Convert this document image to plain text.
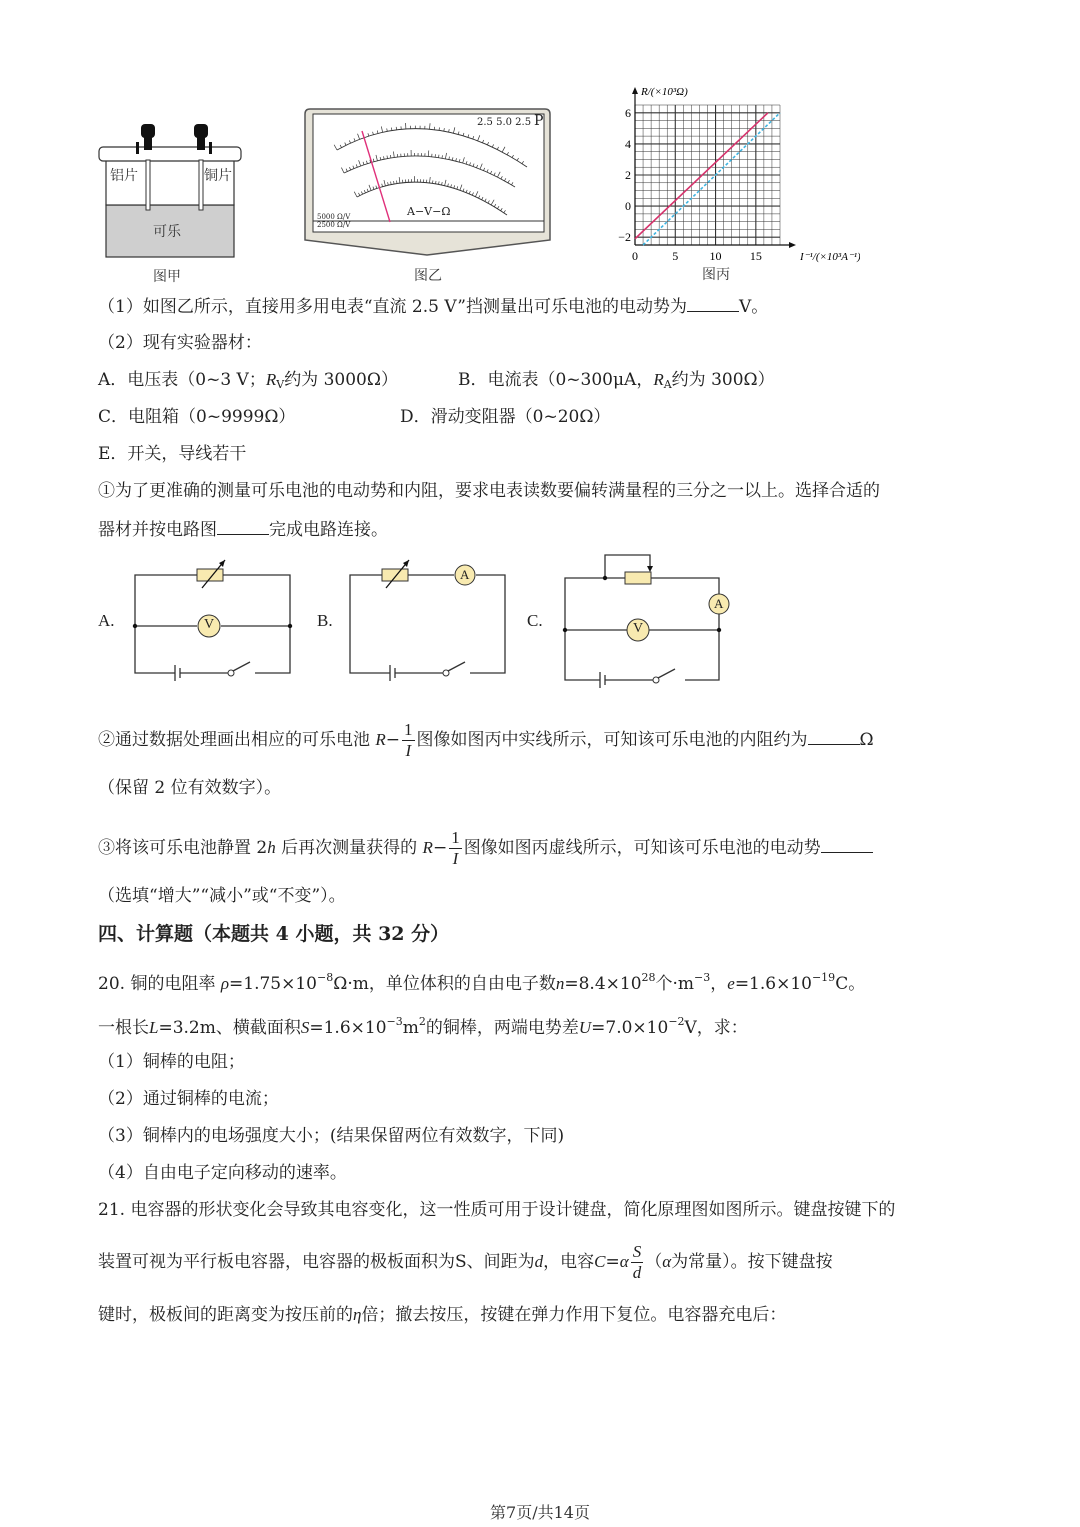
铝片	铜片
可乐
图甲
2.5 5.0 2.5 P
A−V−Ω
5000 Ω/V
2500 Ω/V
图乙
0	5	10 15
−2
0
2
4
6
I⁻¹/(×10³A⁻¹)
R/(×10³Ω)
图丙
（1）如图乙所示，直接用多用电表“直流 2.5 V”挡测量出可乐电池的电动势为	V。
（2）现有实验器材：
A．电压表（0~3 V；$R_V$约为 3000Ω）	B．电流表（0~300μA，$R_A$约为 300Ω）
C．电阻箱（0~9999Ω）	D．滑动变阻器（0~20Ω）
E．开关，导线若干
①为了更准确的测量可乐电池的电动势和内阻，要求电表读数要偏转满量程的三分之一以上。选择合适的
器材并按电路图	完成电路连接。
A.	B.	C.
V
A
A
V
②通过数据处理画出相应的可乐电池 $R- \frac{1}{I}$ 图像如图丙中实线所示，可知该可乐电池的内阻约为	Ω
（保留 2 位有效数字）。
③将该可乐电池静置 2h 后再次测量获得的 $R- \frac{1}{I}$ 图像如图丙虚线所示，可知该可乐电池的电动势
（选填“增大”“减小”或“不变”）。
四、计算题（本题共 4 小题，共 32 分）
20. 铜的电阻率 $\rho=1.75\times 10^{-8}\Omega\cdot m$，单位体积的自由电子数$n=8.4\times 10^{28}$个$\cdot m^{-3}$，$e=1.6\times 10^{-19}C$。
一根长L=3.2m、横截面积$S=1.6\times 10^{-3}m^2$的铜棒，两端电势差$U=7.0\times 10^{-2}V$，求：
（1）铜棒的电阻；
（2）通过铜棒的电流；
（3）铜棒内的电场强度大小；(结果保留两位有效数字，下同)
（4）自由电子定向移动的速率。
21. 电容器的形状变化会导致其电容变化，这一性质可用于设计键盘，简化原理图如图所示。键盘按键下的
装置可视为平行板电容器，电容器的极板面积为S、间距为d，电容$C=\alpha \frac{S}{d} (\alpha$为常量）。按下键盘按
键时，极板间的距离变为按压前的η倍；撤去按压，按键在弹力作用下复位。电容器充电后：
第7页/共14页
